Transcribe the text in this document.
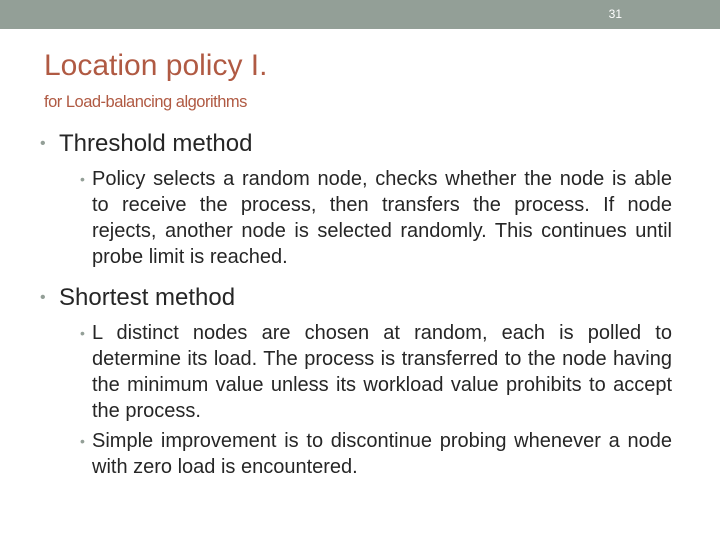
31
Location policy I.
for Load-balancing algorithms
• Threshold method
• Policy selects a random node, checks whether the node is able to receive the process, then transfers the process. If node rejects, another node is selected randomly. This continues until probe limit is reached.
• Shortest method
• L distinct nodes are chosen at random, each is polled to determine its load. The process is transferred to the node having the minimum value unless its workload value prohibits to accept the process.
• Simple improvement is to discontinue probing whenever a node with zero load is encountered.
